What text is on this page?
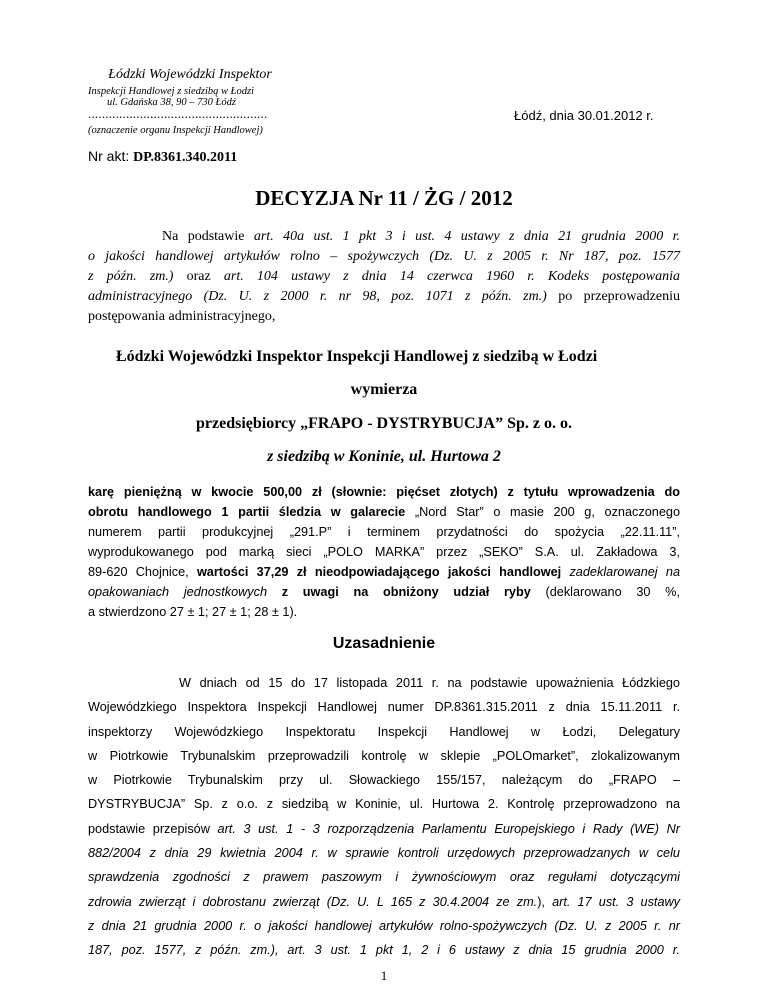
Łódzki Wojewódzki Inspektor
Inspekcji Handlowej z siedzibą w Łodzi
ul. Gdańska 38, 90 – 730 Łódź
....................................................
(oznaczenie organu Inspekcji Handlowej)
Łódź, dnia 30.01.2012 r.
Nr akt: DP.8361.340.2011
DECYZJA Nr 11 / ŻG / 2012

Na podstawie art. 40a ust. 1 pkt 3 i ust. 4 ustawy z dnia 21 grudnia 2000 r.

o jakości handlowej artykułów rolno – spożywczych (Dz. U. z 2005 r. Nr 187, poz. 1577

z późn. zm.) oraz art. 104 ustawy z dnia 14 czerwca 1960 r. Kodeks postępowania

administracyjnego (Dz. U. z 2000 r. nr 98, poz. 1071 z późn. zm.) po przeprowadzeniu

postępowania administracyjnego,

Łódzki Wojewódzki Inspektor Inspekcji Handlowej z siedzibą w Łodzi
wymierza
przedsiębiorcy „FRAPO - DYSTRYBUCJA” Sp. z o. o.
z siedzibą w Koninie, ul. Hurtowa 2

karę pieniężną w kwocie 500,00 zł (słownie: pięćset złotych) z tytułu wprowadzenia do

obrotu handlowego 1 partii śledzia w galarecie „Nord Star” o masie 200 g, oznaczonego

numerem partii produkcyjnej „291.P” i terminem przydatności do spożycia „22.11.11”,

wyprodukowanego pod marką sieci „POLO MARKA” przez „SEKO” S.A. ul. Zakładowa 3,

89-620 Chojnice, wartości 37,29 zł nieodpowiadającego jakości handlowej zadeklarowanej na

opakowaniach jednostkowych z uwagi na obniżony udział ryby (deklarowano 30 %,

a stwierdzono 27 ± 1; 27 ± 1; 28 ± 1).

Uzasadnienie

W dniach od 15 do 17 listopada 2011 r. na podstawie upoważnienia Łódzkiego

Wojewódzkiego Inspektora Inspekcji Handlowej numer DP.8361.315.2011 z dnia 15.11.2011 r.

inspektorzy Wojewódzkiego Inspektoratu Inspekcji Handlowej w Łodzi, Delegatury

w Piotrkowie Trybunalskim przeprowadzili kontrolę w sklepie „POLOmarket”, zlokalizowanym

w Piotrkowie Trybunalskim przy ul. Słowackiego 155/157, należącym do „FRAPO –

DYSTRYBUCJA” Sp. z o.o. z siedzibą w Koninie, ul. Hurtowa 2. Kontrolę przeprowadzono na

podstawie przepisów art. 3 ust. 1 - 3 rozporządzenia Parlamentu Europejskiego i Rady (WE) Nr

882/2004 z dnia 29 kwietnia 2004 r. w sprawie kontroli urzędowych przeprowadzanych w celu

sprawdzenia zgodności z prawem paszowym i żywnościowym oraz regułami dotyczącymi

zdrowia zwierząt i dobrostanu zwierząt (Dz. U. L 165 z 30.4.2004 ze zm.), art. 17 ust. 3 ustawy

z dnia 21 grudnia 2000 r. o jakości handlowej artykułów rolno-spożywczych (Dz. U. z 2005 r. nr

187, poz. 1577, z późn. zm.), art. 3 ust. 1 pkt 1, 2 i 6 ustawy z dnia 15 grudnia 2000 r.

1
